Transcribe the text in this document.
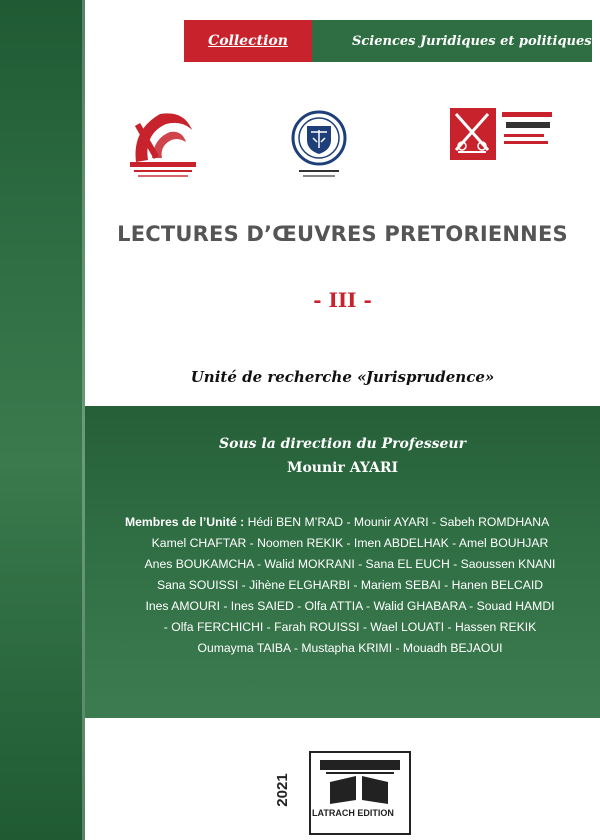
Collection	Sciences Juridiques et politiques
LECTURES D’ŒUVRES PRETORIENNES
- III -
Unité de recherche «Jurisprudence»
Sous la direction du Professeur
Mounir AYARI
Membres de l’Unité : Hédi BEN M’RAD - Mounir AYARI - Sabeh ROMDHANA
Kamel CHAFTAR - Noomen REKIK - Imen ABDELHAK - Amel BOUHJAR
Anes BOUKAMCHA - Walid MOKRANI - Sana EL EUCH - Saoussen KNANI
Sana SOUISSI - Jihène ELGHARBI - Mariem SEBAI - Hanen BELCAID
Ines AMOURI - Ines SAIED - Olfa ATTIA - Walid GHABARA - Souad HAMDI
- Olfa FERCHICHI - Farah ROUISSI - Wael LOUATI - Hassen REKIK
Oumayma TAIBA - Mustapha KRIMI - Mouadh BEJAOUI
2021
LATRACH EDITION
